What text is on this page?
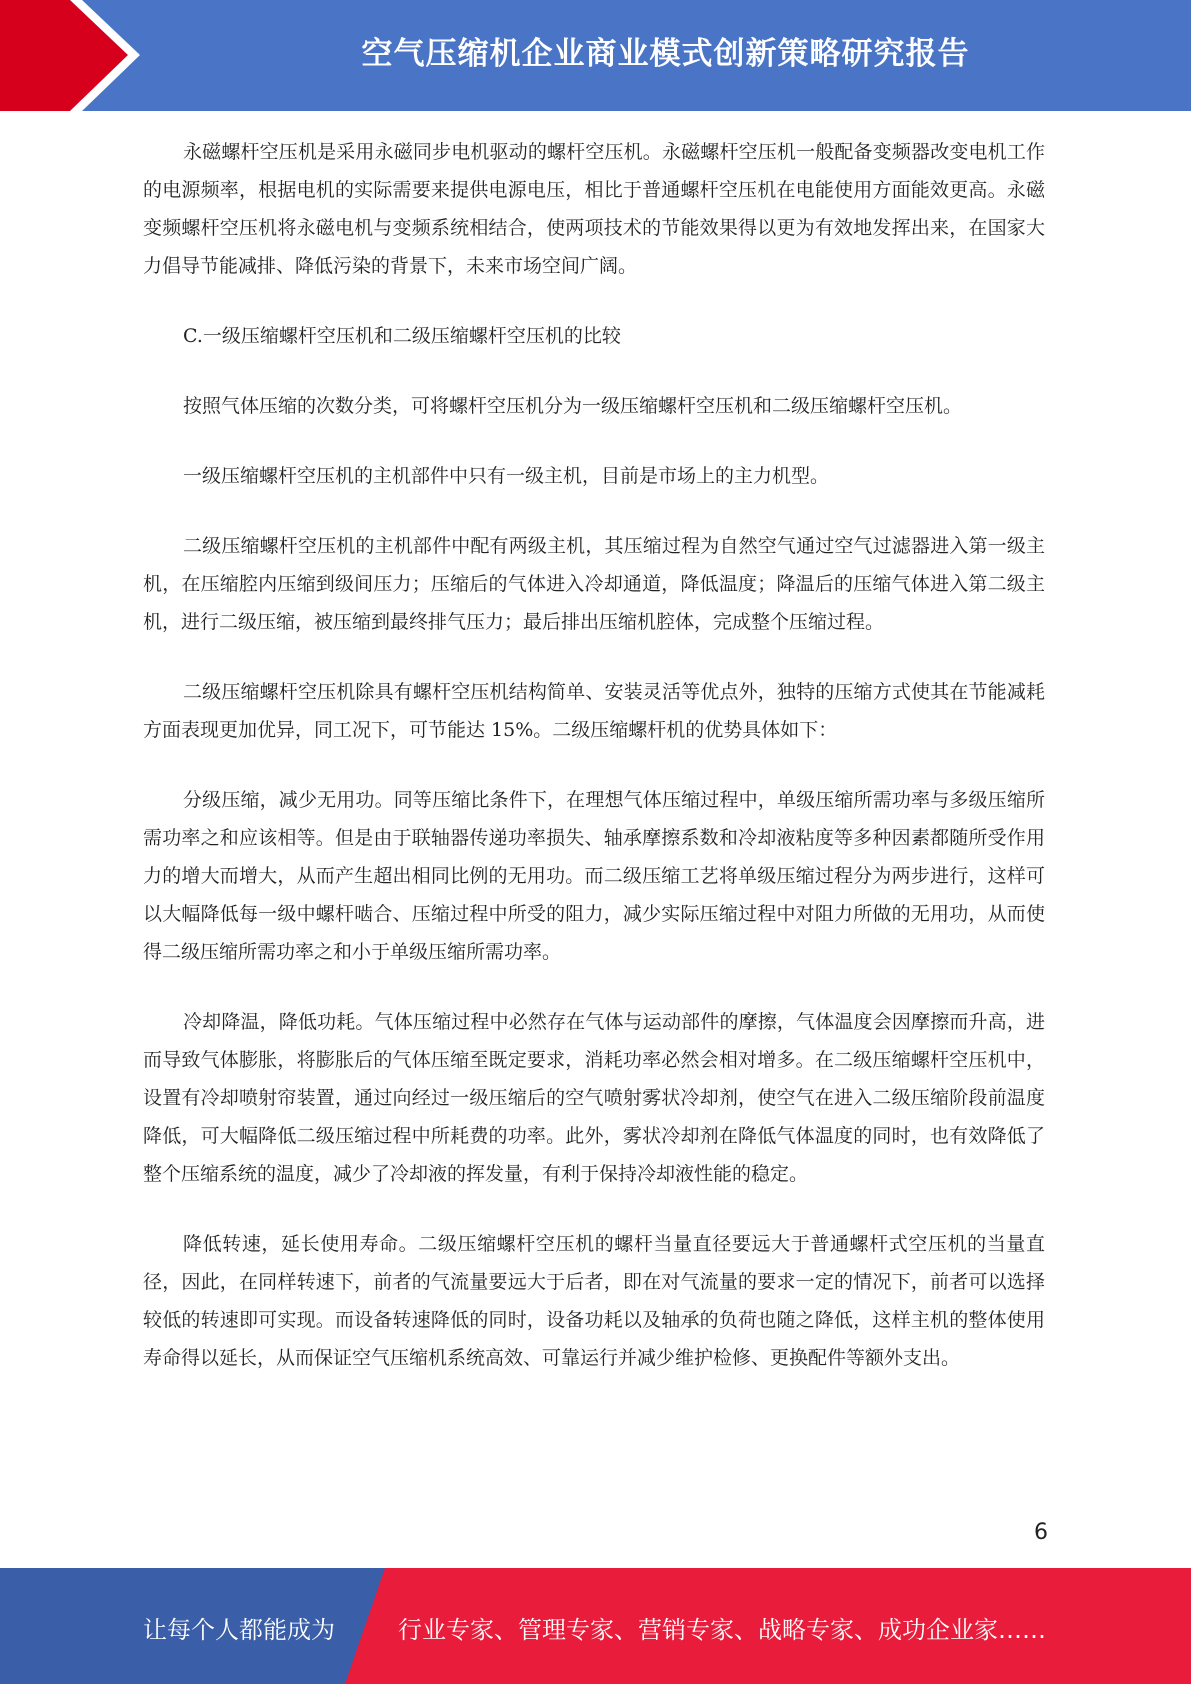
空气压缩机企业商业模式创新策略研究报告

永磁螺杆空压机是采用永磁同步电机驱动的螺杆空压机。永磁螺杆空压机一般配备变频器改变电机工作的电源频率，根据电机的实际需要来提供电源电压，相比于普通螺杆空压机在电能使用方面能效更高。永磁变频螺杆空压机将永磁电机与变频系统相结合，使两项技术的节能效果得以更为有效地发挥出来，在国家大力倡导节能减排、降低污染的背景下，未来市场空间广阔。

C.一级压缩螺杆空压机和二级压缩螺杆空压机的比较

按照气体压缩的次数分类，可将螺杆空压机分为一级压缩螺杆空压机和二级压缩螺杆空压机。

一级压缩螺杆空压机的主机部件中只有一级主机，目前是市场上的主力机型。

二级压缩螺杆空压机的主机部件中配有两级主机，其压缩过程为自然空气通过空气过滤器进入第一级主机，在压缩腔内压缩到级间压力；压缩后的气体进入冷却通道，降低温度；降温后的压缩气体进入第二级主机，进行二级压缩，被压缩到最终排气压力；最后排出压缩机腔体，完成整个压缩过程。

二级压缩螺杆空压机除具有螺杆空压机结构简单、安装灵活等优点外，独特的压缩方式使其在节能减耗方面表现更加优异，同工况下，可节能达 15%。二级压缩螺杆机的优势具体如下：

分级压缩，减少无用功。同等压缩比条件下，在理想气体压缩过程中，单级压缩所需功率与多级压缩所需功率之和应该相等。但是由于联轴器传递功率损失、轴承摩擦系数和冷却液粘度等多种因素都随所受作用力的增大而增大，从而产生超出相同比例的无用功。而二级压缩工艺将单级压缩过程分为两步进行，这样可以大幅降低每一级中螺杆啮合、压缩过程中所受的阻力，减少实际压缩过程中对阻力所做的无用功，从而使得二级压缩所需功率之和小于单级压缩所需功率。

冷却降温，降低功耗。气体压缩过程中必然存在气体与运动部件的摩擦，气体温度会因摩擦而升高，进而导致气体膨胀，将膨胀后的气体压缩至既定要求，消耗功率必然会相对增多。在二级压缩螺杆空压机中，设置有冷却喷射帘装置，通过向经过一级压缩后的空气喷射雾状冷却剂，使空气在进入二级压缩阶段前温度降低，可大幅降低二级压缩过程中所耗费的功率。此外，雾状冷却剂在降低气体温度的同时，也有效降低了整个压缩系统的温度，减少了冷却液的挥发量，有利于保持冷却液性能的稳定。

降低转速，延长使用寿命。二级压缩螺杆空压机的螺杆当量直径要远大于普通螺杆式空压机的当量直径，因此，在同样转速下，前者的气流量要远大于后者，即在对气流量的要求一定的情况下，前者可以选择较低的转速即可实现。而设备转速降低的同时，设备功耗以及轴承的负荷也随之降低，这样主机的整体使用寿命得以延长，从而保证空气压缩机系统高效、可靠运行并减少维护检修、更换配件等额外支出。

6
让每个人都能成为	行业专家、管理专家、营销专家、战略专家、成功企业家……
